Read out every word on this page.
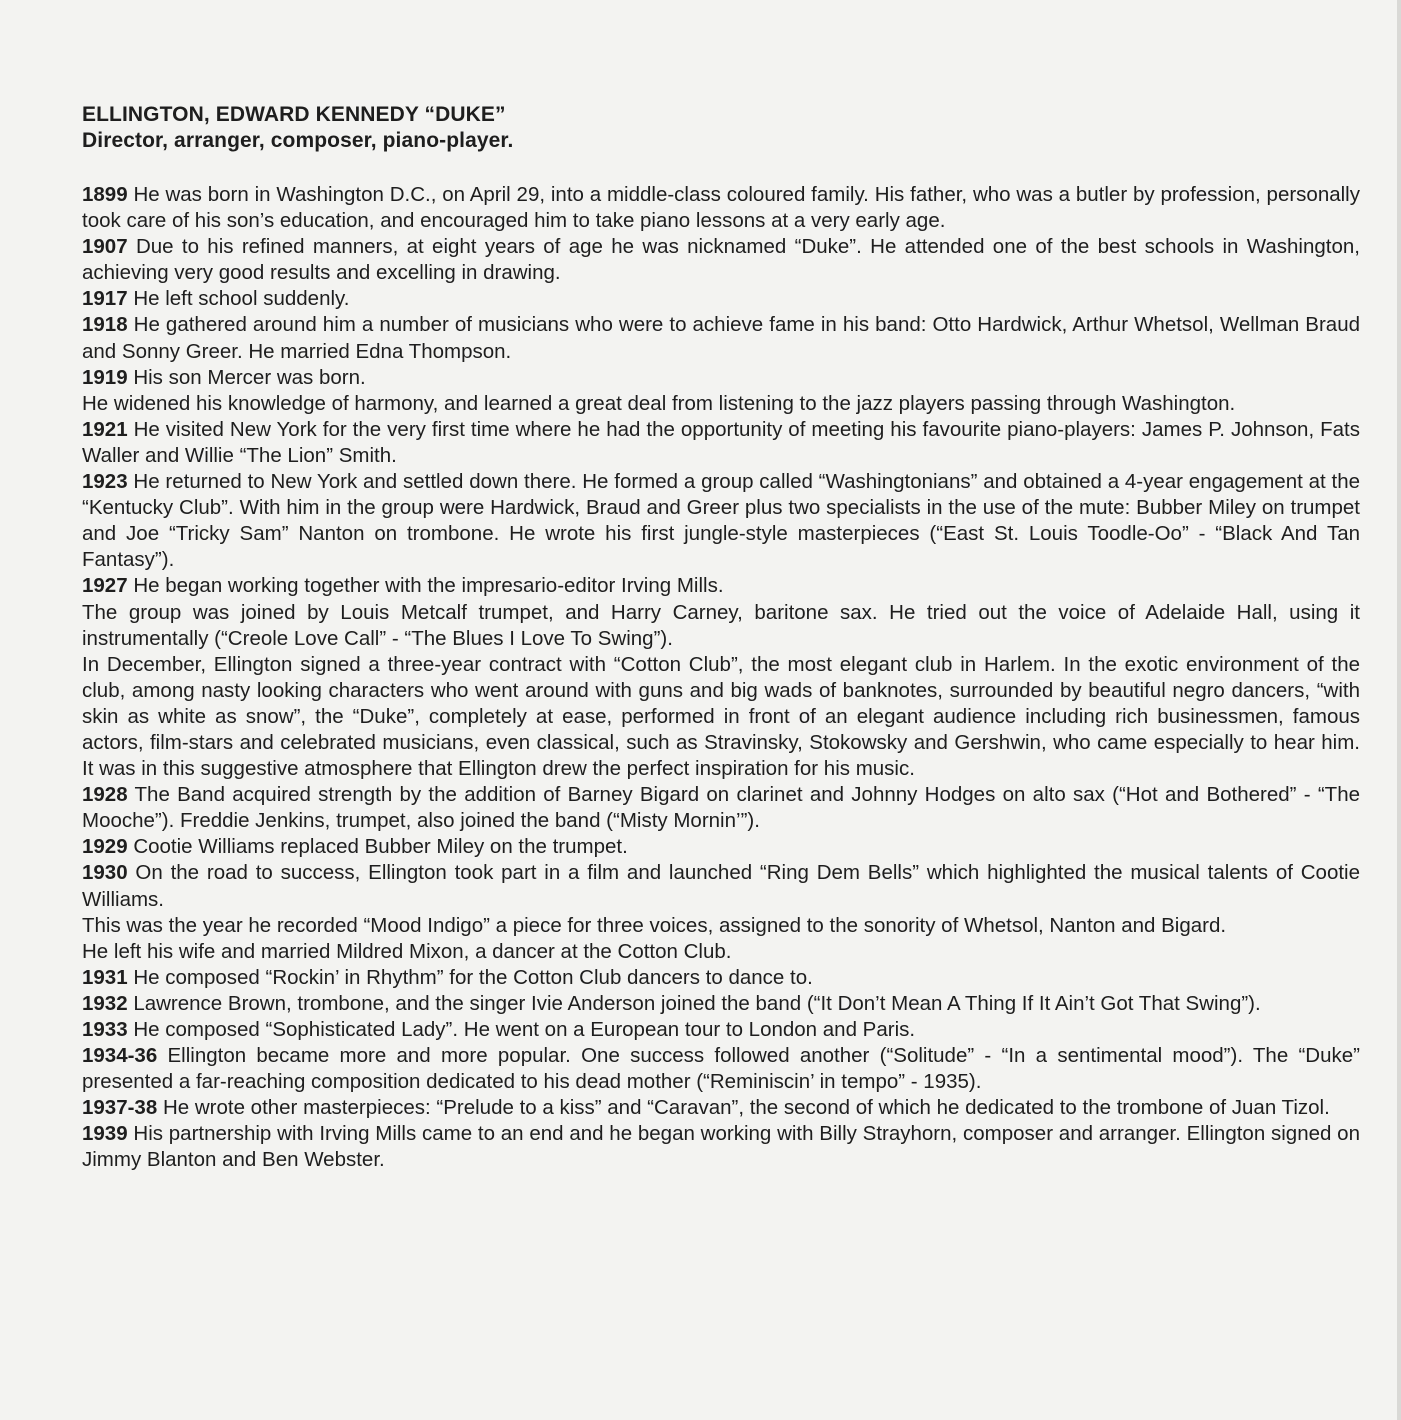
ELLINGTON, EDWARD KENNEDY “DUKE”
Director, arranger, composer, piano-player.

1899 He was born in Washington D.C., on April 29, into a middle-class coloured family. His father, who was a butler by profession, personally took care of his son’s education, and encouraged him to take piano lessons at a very early age.

1907 Due to his refined manners, at eight years of age he was nicknamed “Duke”. He attended one of the best schools in Washington, achieving very good results and excelling in drawing.

1917 He left school suddenly.

1918 He gathered around him a number of musicians who were to achieve fame in his band: Otto Hardwick, Arthur Whetsol, Wellman Braud and Sonny Greer. He married Edna Thompson.

1919 His son Mercer was born.

He widened his knowledge of harmony, and learned a great deal from listening to the jazz players passing through Washington.

1921 He visited New York for the very first time where he had the opportunity of meeting his favourite piano-players: James P. Johnson, Fats Waller and Willie “The Lion” Smith.

1923 He returned to New York and settled down there. He formed a group called “Washingtonians” and obtained a 4-year engagement at the “Kentucky Club”. With him in the group were Hardwick, Braud and Greer plus two specialists in the use of the mute: Bubber Miley on trumpet and Joe “Tricky Sam” Nanton on trombone. He wrote his first jungle-style masterpieces (“East St. Louis Toodle-Oo” - “Black And Tan Fantasy”).

1927 He began working together with the impresario-editor Irving Mills.

The group was joined by Louis Metcalf trumpet, and Harry Carney, baritone sax. He tried out the voice of Adelaide Hall, using it instrumentally (“Creole Love Call” - “The Blues I Love To Swing”).

In December, Ellington signed a three-year contract with “Cotton Club”, the most elegant club in Harlem. In the exotic environment of the club, among nasty looking characters who went around with guns and big wads of banknotes, surrounded by beautiful negro dancers, “with skin as white as snow”, the “Duke”, completely at ease, performed in front of an elegant audience including rich businessmen, famous actors, film-stars and celebrated musicians, even classical, such as Stravinsky, Stokowsky and Gershwin, who came especially to hear him. It was in this suggestive atmosphere that Ellington drew the perfect inspiration for his music.

1928 The Band acquired strength by the addition of Barney Bigard on clarinet and Johnny Hodges on alto sax (“Hot and Bothered” - “The Mooche”). Freddie Jenkins, trumpet, also joined the band (“Misty Mornin’”).

1929 Cootie Williams replaced Bubber Miley on the trumpet.

1930 On the road to success, Ellington took part in a film and launched “Ring Dem Bells” which highlighted the musical talents of Cootie Williams.

This was the year he recorded “Mood Indigo” a piece for three voices, assigned to the sonority of Whetsol, Nanton and Bigard.

He left his wife and married Mildred Mixon, a dancer at the Cotton Club.

1931 He composed “Rockin’ in Rhythm” for the Cotton Club dancers to dance to.

1932 Lawrence Brown, trombone, and the singer Ivie Anderson joined the band (“It Don’t Mean A Thing If It Ain’t Got That Swing”).

1933 He composed “Sophisticated Lady”. He went on a European tour to London and Paris.

1934-36 Ellington became more and more popular. One success followed another (“Solitude” - “In a sentimental mood”). The “Duke” presented a far-reaching composition dedicated to his dead mother (“Reminiscin’ in tempo” - 1935).

1937-38 He wrote other masterpieces: “Prelude to a kiss” and “Caravan”, the second of which he dedicated to the trombone of Juan Tizol.

1939 His partnership with Irving Mills came to an end and he began working with Billy Strayhorn, composer and arranger. Ellington signed on Jimmy Blanton and Ben Webster.
